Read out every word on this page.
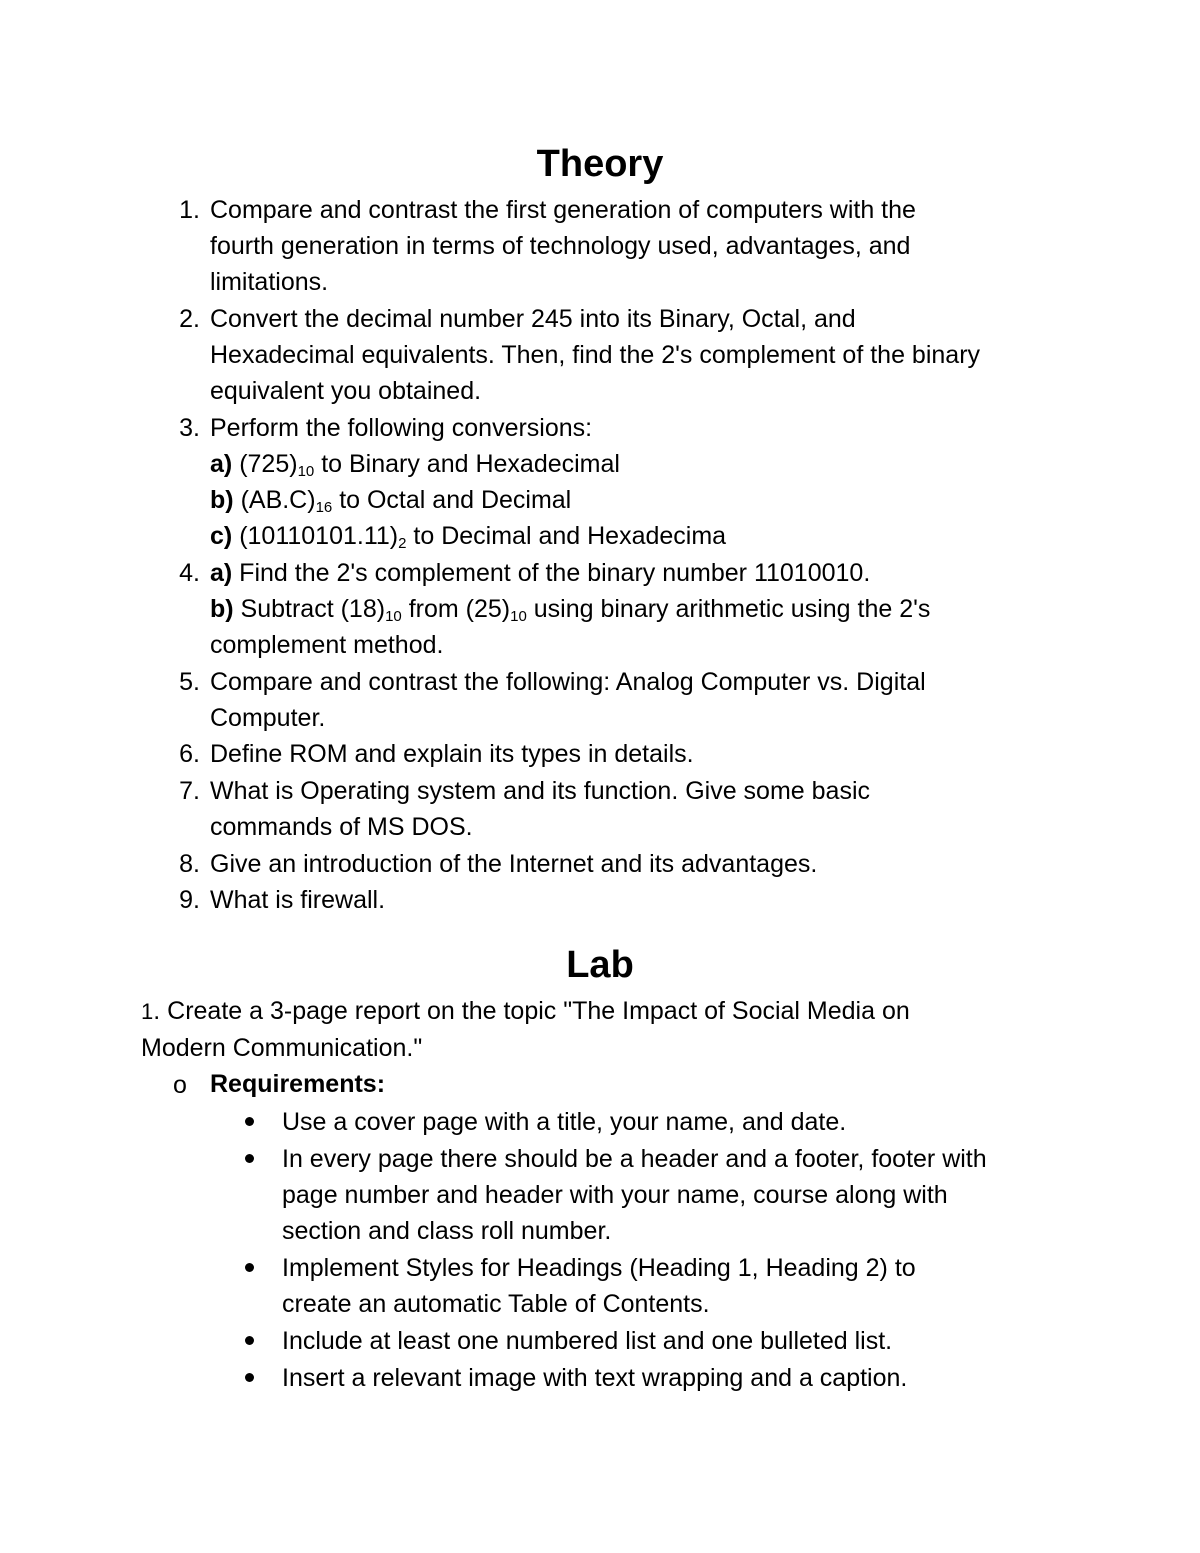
Theory
1. Compare and contrast the first generation of computers with the

fourth generation in terms of technology used, advantages, and

limitations.

2. Convert the decimal number 245 into its Binary, Octal, and

Hexadecimal equivalents. Then, find the 2's complement of the binary

equivalent you obtained.

3. Perform the following conversions:

a) $(725)_{10}$ to Binary and Hexadecimal

b) $(AB.C)_{16}$ to Octal and Decimal

c) $(10110101.11)_2$ to Decimal and Hexadecima

4. a) Find the 2's complement of the binary number 11010010.

b) Subtract $(18)_{10}$ from $(25)_{10}$ using binary arithmetic using the 2's

complement method.

5. Compare and contrast the following: Analog Computer vs. Digital

Computer.

6. Define ROM and explain its types in details.

7. What is Operating system and its function. Give some basic

commands of MS DOS.

8. Give an introduction of the Internet and its advantages.

9. What is firewall.

Lab

1. Create a 3-page report on the topic "The Impact of Social Media on

Modern Communication."

o Requirements:

Use a cover page with a title, your name, and date.

In every page there should be a header and a footer, footer with

page number and header with your name, course along with

section and class roll number.

Implement Styles for Headings (Heading 1, Heading 2) to

create an automatic Table of Contents.

Include at least one numbered list and one bulleted list.

Insert a relevant image with text wrapping and a caption.
